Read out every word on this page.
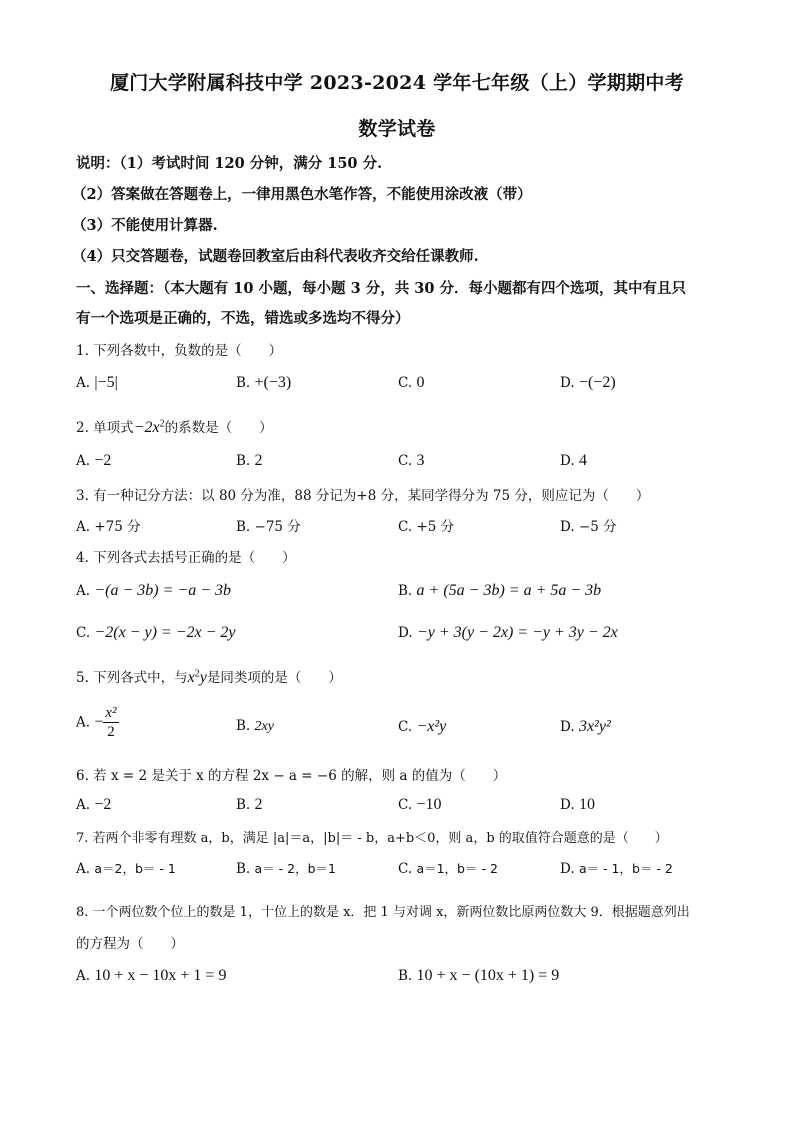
厦门大学附属科技中学 2023-2024 学年七年级（上）学期期中考
数学试卷
说明：（1）考试时间 120 分钟，满分 150 分.
（2）答案做在答题卷上，一律用黑色水笔作答，不能使用涂改液（带）
（3）不能使用计算器.
（4）只交答题卷，试题卷回教室后由科代表收齐交给任课教师.
一、选择题：（本大题有 10 小题，每小题 3 分，共 30 分．每小题都有四个选项，其中有且只
有一个选项是正确的，不选，错选或多选均不得分）
1. 下列各数中，负数的是（　　）
A. |−5|	B. +(−3)	C. 0	D. −(−2)
2. 单项式$-2x^2$的系数是（　　）
A. −2	B. 2	C. 3	D. 4
3. 有一种记分方法：以 80 分为准，88 分记为+8 分，某同学得分为 75 分，则应记为（　　）
A. +75 分	B. −75 分	C. +5 分	D. −5 分
4. 下列各式去括号正确的是（　　）
A. −(a − 3b) = −a − 3b	B. a + (5a − 3b) = a + 5a − 3b
C. −2(x − y) = −2x − 2y	D. −y + 3(y − 2x) = −y + 3y − 2x
5. 下列各式中，与$x^2y$是同类项的是（　　）
A. − $\frac{\text{x²}}{2}$	B. 2xy	C. −x²y	D. 3x²y²
6. 若 x = 2 是关于 x 的方程 2x − a = −6 的解，则 a 的值为（　　）
A. −2	B. 2	C. −10	D. 10
7. 若两个非零有理数 a，b，满足 |a|＝a，|b|＝ - b，a+b＜0，则 a，b 的取值符合题意的是（　　）
A. a＝2，b＝ - 1	B. a＝ - 2，b＝1	C. a＝1，b＝ - 2	D. a＝ - 1，b＝ - 2
8. 一个两位数个位上的数是 1，十位上的数是 x．把 1 与对调 x，新两位数比原两位数大 9．根据题意列出
的方程为（　　）
A. 10 + x − 10x + 1 = 9	B. 10 + x − (10x + 1) = 9
